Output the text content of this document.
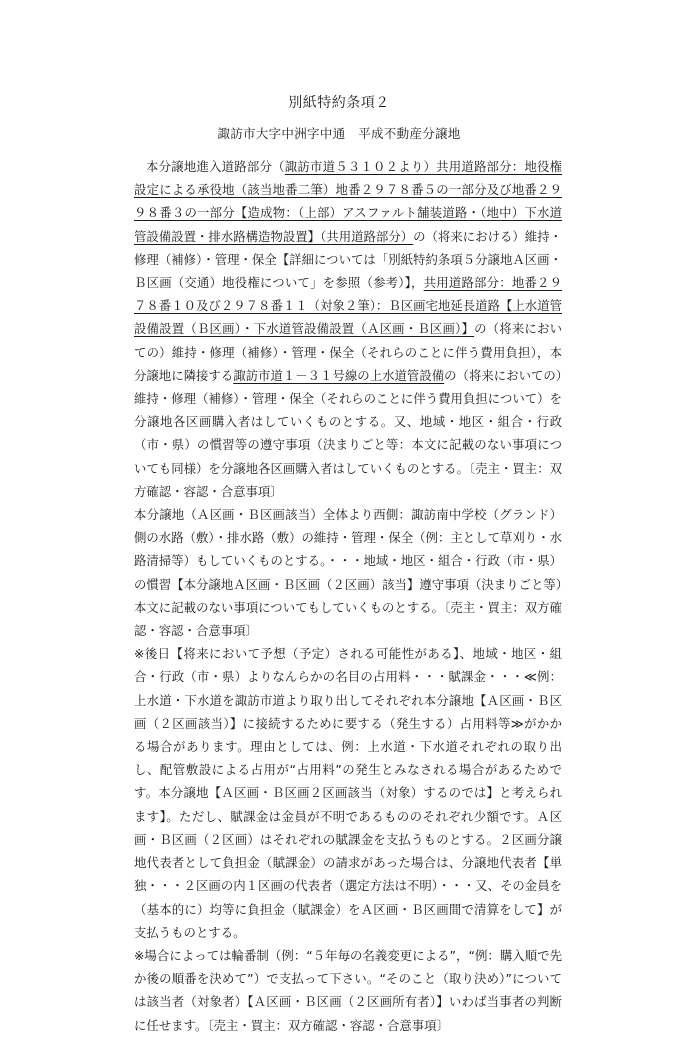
別紙特約条項２
諏訪市大字中洲字中通　平成不動産分譲地

本分譲地進入道路部分（諏訪市道５３１０２より）共用道路部分：地役権設定による承役地（該当地番二筆）地番２９７８番５の一部分及び地番２９９８番３の一部分【造成物：（上部）アスファルト舗装道路・（地中）下水道管設備設置・排水路構造物設置】（共用道路部分）の（将来における）維持・修理（補修）・管理・保全【詳細については「別紙特約条項５分譲地Ａ区画・Ｂ区画（交通）地役権について」を参照（参考）】，共用道路部分：地番２９７８番１０及び２９７８番１１（対象２筆）：Ｂ区画宅地延長道路【上水道管設備設置（Ｂ区画）・下水道管設備設置（Ａ区画・Ｂ区画）】の（将来においての）維持・修理（補修）・管理・保全（それらのことに伴う費用負担），本分譲地に隣接する諏訪市道１－３１号線の上水道管設備の（将来においての）維持・修理（補修）・管理・保全（それらのことに伴う費用負担について）を分譲地各区画購入者はしていくものとする。又、地域・地区・組合・行政（市・県）の慣習等の遵守事項（決まりごと等：本文に記載のない事項についても同様）を分譲地各区画購入者はしていくものとする。〔売主・買主：双方確認・容認・合意事項〕

本分譲地（Ａ区画・Ｂ区画該当）全体より西側：諏訪南中学校（グランド）側の水路（敷）・排水路（敷）の維持・管理・保全（例：主として草刈り・水路清掃等）もしていくものとする。・・・地域・地区・組合・行政（市・県）の慣習【本分譲地Ａ区画・Ｂ区画（２区画）該当】遵守事項（決まりごと等）本文に記載のない事項についてもしていくものとする。〔売主・買主：双方確認・容認・合意事項〕

※後日【将来において予想（予定）される可能性がある】、地域・地区・組合・行政（市・県）よりなんらかの名目の占用料・・・賦課金・・・≪例：上水道・下水道を諏訪市道より取り出してそれぞれ本分譲地【Ａ区画・Ｂ区画（２区画該当）】に接続するために要する（発生する）占用料等≫がかかる場合があります。理由としては、例：上水道・下水道それぞれの取り出し、配管敷設による占用が“占用料”の発生とみなされる場合があるためです。本分譲地【Ａ区画・Ｂ区画２区画該当（対象）するのでは】と考えられます】。ただし、賦課金は金員が不明であるもののそれぞれ少額です。Ａ区画・Ｂ区画（２区画）はそれぞれの賦課金を支払うものとする。２区画分譲地代表者として負担金（賦課金）の請求があった場合は、分譲地代表者【単独・・・２区画の内１区画の代表者（選定方法は不明）・・・又、その金員を（基本的に）均等に負担金（賦課金）をＡ区画・Ｂ区画間で清算をして】が支払うものとする。

※場合によっては輪番制（例：“５年毎の名義変更による”，“例：購入順で先か後の順番を決めて”）で支払って下さい。“そのこと（取り決め）”については該当者（対象者）【Ａ区画・Ｂ区画（２区画所有者）】いわば当事者の判断に任せます。〔売主・買主：双方確認・容認・合意事項〕
